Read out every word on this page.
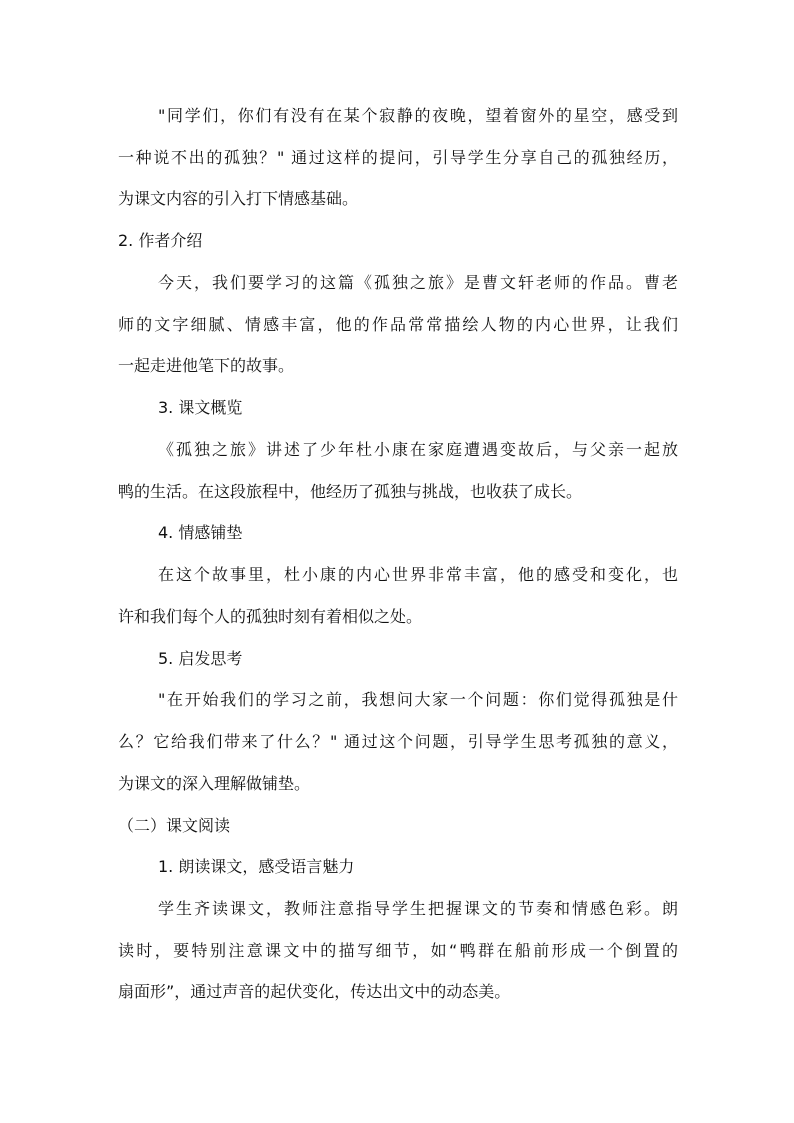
"同学们，你们有没有在某个寂静的夜晚，望着窗外的星空，感受到
一种说不出的孤独？" 通过这样的提问，引导学生分享自己的孤独经历，
为课文内容的引入打下情感基础。
2. 作者介绍
今天，我们要学习的这篇《孤独之旅》是曹文轩老师的作品。曹老
师的文字细腻、情感丰富，他的作品常常描绘人物的内心世界，让我们
一起走进他笔下的故事。
3. 课文概览
《孤独之旅》讲述了少年杜小康在家庭遭遇变故后，与父亲一起放
鸭的生活。在这段旅程中，他经历了孤独与挑战，也收获了成长。
4. 情感铺垫
在这个故事里，杜小康的内心世界非常丰富，他的感受和变化，也
许和我们每个人的孤独时刻有着相似之处。
5. 启发思考
"在开始我们的学习之前，我想问大家一个问题：你们觉得孤独是什
么？它给我们带来了什么？" 通过这个问题，引导学生思考孤独的意义，
为课文的深入理解做铺垫。
（二）课文阅读
1. 朗读课文，感受语言魅力
学生齐读课文，教师注意指导学生把握课文的节奏和情感色彩。朗
读时，要特别注意课文中的描写细节，如“鸭群在船前形成一个倒置的
扇面形”，通过声音的起伏变化，传达出文中的动态美。
